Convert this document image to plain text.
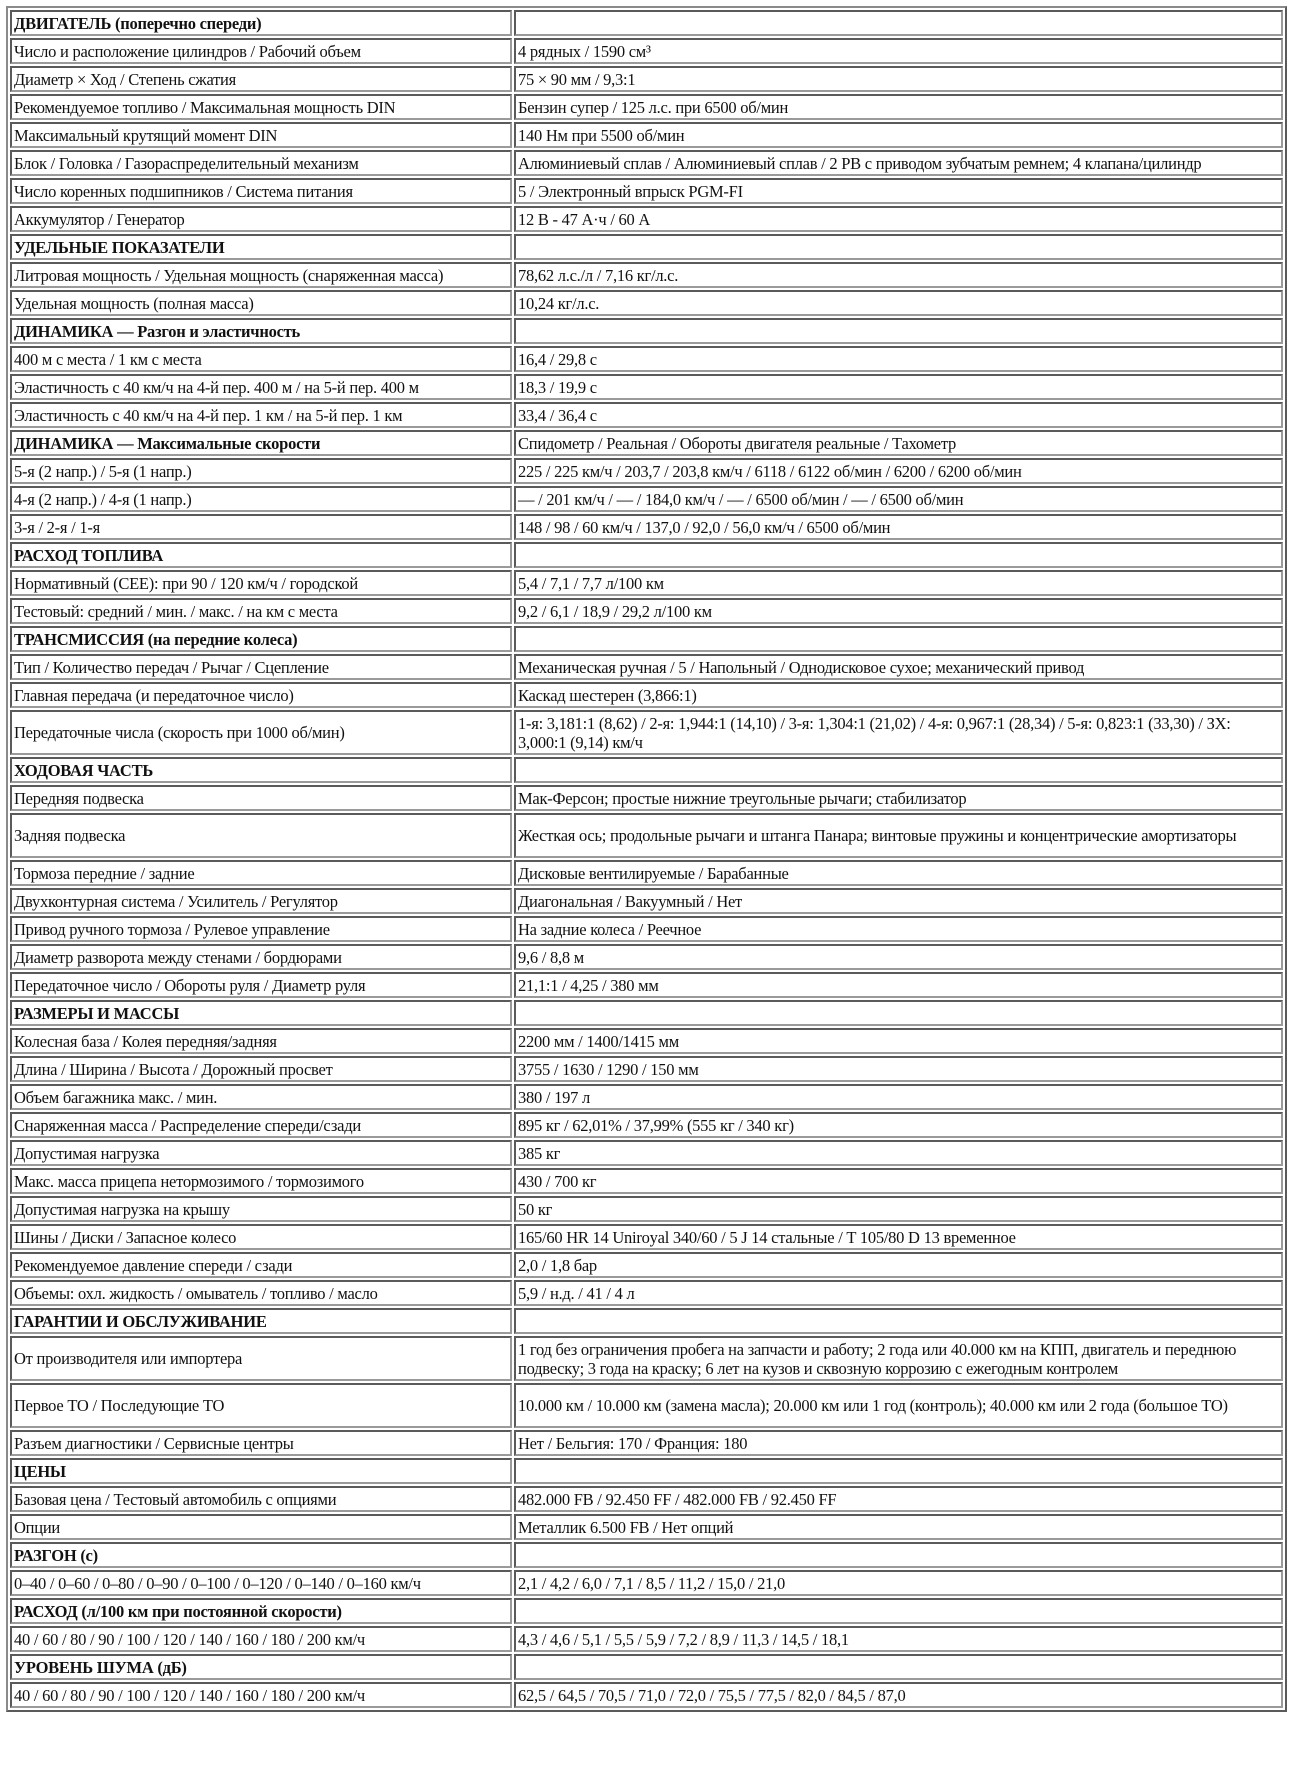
ДВИГАТЕЛЬ (поперечно спереди)	
Число и расположение цилиндров / Рабочий объем	4 рядных / 1590 см³
Диаметр × Ход / Степень сжатия	75 × 90 мм / 9,3:1
Рекомендуемое топливо / Максимальная мощность DIN	Бензин супер / 125 л.с. при 6500 об/мин
Максимальный крутящий момент DIN	140 Нм при 5500 об/мин
Блок / Головка / Газораспределительный механизм	Алюминиевый сплав / Алюминиевый сплав / 2 РВ с приводом зубчатым ремнем; 4 клапана/цилиндр
Число коренных подшипников / Система питания	5 / Электронный впрыск PGM-FI
Аккумулятор / Генератор	12 В - 47 А·ч / 60 А
УДЕЛЬНЫЕ ПОКАЗАТЕЛИ	
Литровая мощность / Удельная мощность (снаряженная масса)	78,62 л.с./л / 7,16 кг/л.с.
Удельная мощность (полная масса)	10,24 кг/л.с.
ДИНАМИКА — Разгон и эластичность	
400 м с места / 1 км с места	16,4 / 29,8 с
Эластичность с 40 км/ч на 4-й пер. 400 м / на 5-й пер. 400 м	18,3 / 19,9 с
Эластичность с 40 км/ч на 4-й пер. 1 км / на 5-й пер. 1 км	33,4 / 36,4 с
ДИНАМИКА — Максимальные скорости	Спидометр / Реальная / Обороты двигателя реальные / Тахометр
5-я (2 напр.) / 5-я (1 напр.)	225 / 225 км/ч / 203,7 / 203,8 км/ч / 6118 / 6122 об/мин / 6200 / 6200 об/мин
4-я (2 напр.) / 4-я (1 напр.)	— / 201 км/ч / — / 184,0 км/ч / — / 6500 об/мин / — / 6500 об/мин
3-я / 2-я / 1-я	148 / 98 / 60 км/ч / 137,0 / 92,0 / 56,0 км/ч / 6500 об/мин
РАСХОД ТОПЛИВА	
Нормативный (CEE): при 90 / 120 км/ч / городской	5,4 / 7,1 / 7,7 л/100 км
Тестовый: средний / мин. / макс. / на км с места	9,2 / 6,1 / 18,9 / 29,2 л/100 км
ТРАНСМИССИЯ (на передние колеса)	
Тип / Количество передач / Рычаг / Сцепление	Механическая ручная / 5 / Напольный / Однодисковое сухое; механический привод
Главная передача (и передаточное число)	Каскад шестерен (3,866:1)
Передаточные числа (скорость при 1000 об/мин)	1-я: 3,181:1 (8,62) / 2-я: 1,944:1 (14,10) / 3-я: 1,304:1 (21,02) / 4-я: 0,967:1 (28,34) / 5-я: 0,823:1 (33,30) / ЗХ: 3,000:1 (9,14) км/ч
ХОДОВАЯ ЧАСТЬ	
Передняя подвеска	Мак-Ферсон; простые нижние треугольные рычаги; стабилизатор
Задняя подвеска	Жесткая ось; продольные рычаги и штанга Панара; винтовые пружины и концентрические амортизаторы
Тормоза передние / задние	Дисковые вентилируемые / Барабанные
Двухконтурная система / Усилитель / Регулятор	Диагональная / Вакуумный / Нет
Привод ручного тормоза / Рулевое управление	На задние колеса / Реечное
Диаметр разворота между стенами / бордюрами	9,6 / 8,8 м
Передаточное число / Обороты руля / Диаметр руля	21,1:1 / 4,25 / 380 мм
РАЗМЕРЫ И МАССЫ	
Колесная база / Колея передняя/задняя	2200 мм / 1400/1415 мм
Длина / Ширина / Высота / Дорожный просвет	3755 / 1630 / 1290 / 150 мм
Объем багажника макс. / мин.	380 / 197 л
Снаряженная масса / Распределение спереди/сзади	895 кг / 62,01% / 37,99% (555 кг / 340 кг)
Допустимая нагрузка	385 кг
Макс. масса прицепа нетормозимого / тормозимого	430 / 700 кг
Допустимая нагрузка на крышу	50 кг
Шины / Диски / Запасное колесо	165/60 HR 14 Uniroyal 340/60 / 5 J 14 стальные / T 105/80 D 13 временное
Рекомендуемое давление спереди / сзади	2,0 / 1,8 бар
Объемы: охл. жидкость / омыватель / топливо / масло	5,9 / н.д. / 41 / 4 л
ГАРАНТИИ И ОБСЛУЖИВАНИЕ	
От производителя или импортера	1 год без ограничения пробега на запчасти и работу; 2 года или 40.000 км на КПП, двигатель и переднюю подвеску; 3 года на краску; 6 лет на кузов и сквозную коррозию с ежегодным контролем
Первое ТО / Последующие ТО	10.000 км / 10.000 км (замена масла); 20.000 км или 1 год (контроль); 40.000 км или 2 года (большое ТО)
Разъем диагностики / Сервисные центры	Нет / Бельгия: 170 / Франция: 180
ЦЕНЫ	
Базовая цена / Тестовый автомобиль с опциями	482.000 FB / 92.450 FF / 482.000 FB / 92.450 FF
Опции	Металлик 6.500 FB / Нет опций
РАЗГОН (с)	
0–40 / 0–60 / 0–80 / 0–90 / 0–100 / 0–120 / 0–140 / 0–160 км/ч	2,1 / 4,2 / 6,0 / 7,1 / 8,5 / 11,2 / 15,0 / 21,0
РАСХОД (л/100 км при постоянной скорости)	
40 / 60 / 80 / 90 / 100 / 120 / 140 / 160 / 180 / 200 км/ч	4,3 / 4,6 / 5,1 / 5,5 / 5,9 / 7,2 / 8,9 / 11,3 / 14,5 / 18,1
УРОВЕНЬ ШУМА (дБ)	
40 / 60 / 80 / 90 / 100 / 120 / 140 / 160 / 180 / 200 км/ч	62,5 / 64,5 / 70,5 / 71,0 / 72,0 / 75,5 / 77,5 / 82,0 / 84,5 / 87,0
